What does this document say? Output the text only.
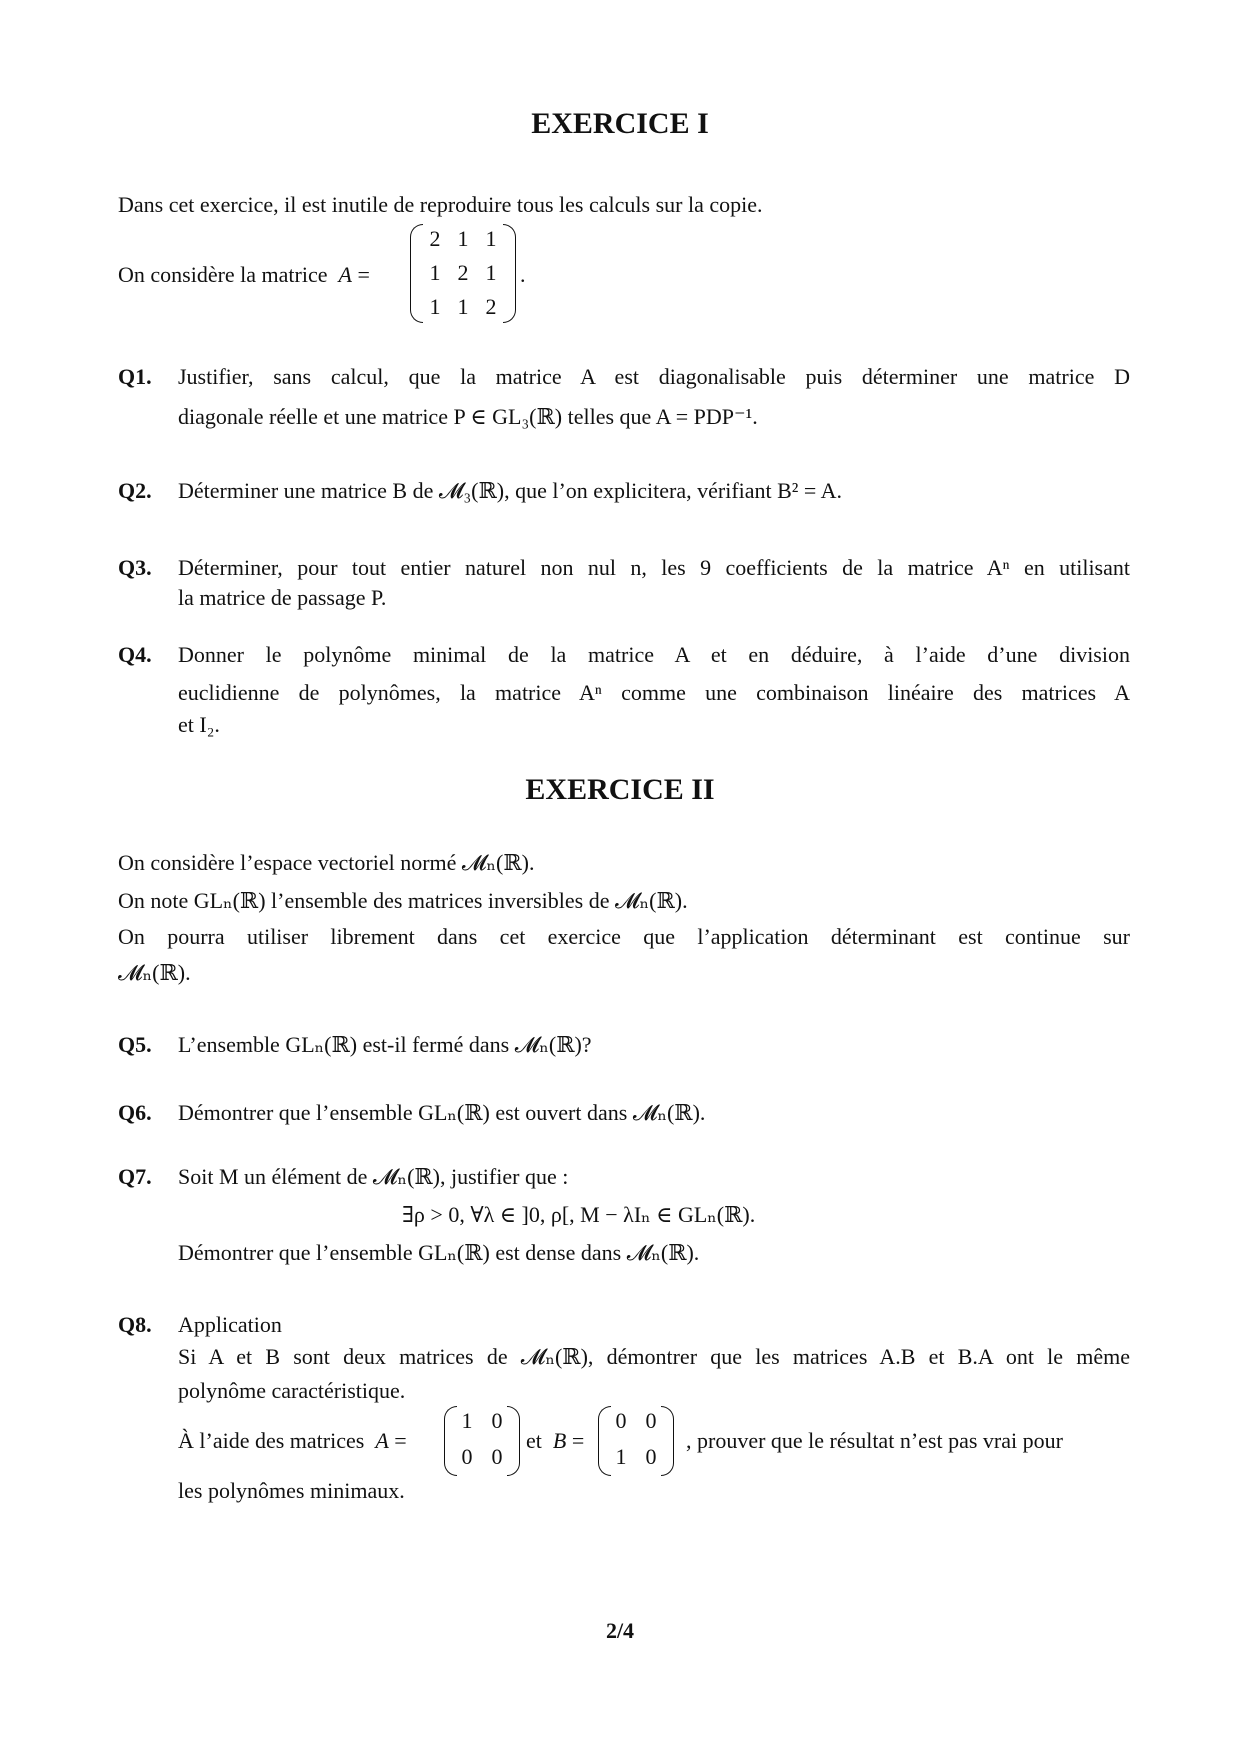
EXERCICE I
Dans cet exercice, il est inutile de reproduire tous les calculs sur la copie.
On considère la matrice A =
2 1 1
1 2 1
1 1 2
.
Q1. Justifier, sans calcul, que la matrice A est diagonalisable puis déterminer une matrice D
diagonale réelle et une matrice P ∈ GL₃(ℝ) telles que A = PDP⁻¹.
Q2. Déterminer une matrice B de 𝓜₃(ℝ), que l’on explicitera, vérifiant B² = A.
Q3. Déterminer, pour tout entier naturel non nul n, les 9 coefficients de la matrice Aⁿ en utilisant
la matrice de passage P.
Q4. Donner le polynôme minimal de la matrice A et en déduire, à l’aide d’une division
euclidienne de polynômes, la matrice Aⁿ comme une combinaison linéaire des matrices A
et I₂.
EXERCICE II
On considère l’espace vectoriel normé 𝓜ₙ(ℝ).
On note GLₙ(ℝ) l’ensemble des matrices inversibles de 𝓜ₙ(ℝ).
On pourra utiliser librement dans cet exercice que l’application déterminant est continue sur
𝓜ₙ(ℝ).
Q5. L’ensemble GLₙ(ℝ) est-il fermé dans 𝓜ₙ(ℝ)?
Q6. Démontrer que l’ensemble GLₙ(ℝ) est ouvert dans 𝓜ₙ(ℝ).
Q7. Soit M un élément de 𝓜ₙ(ℝ), justifier que :
∃ρ > 0, ∀λ ∈ ]0, ρ[, M − λIₙ ∈ GLₙ(ℝ).
Démontrer que l’ensemble GLₙ(ℝ) est dense dans 𝓜ₙ(ℝ).
Q8. Application
Si A et B sont deux matrices de 𝓜ₙ(ℝ), démontrer que les matrices A.B et B.A ont le même
polynôme caractéristique.
À l’aide des matrices A =	et B =	, prouver que le résultat n’est pas vrai pour
les polynômes minimaux.
1 0
0 0
0 0
1 0
2/4
